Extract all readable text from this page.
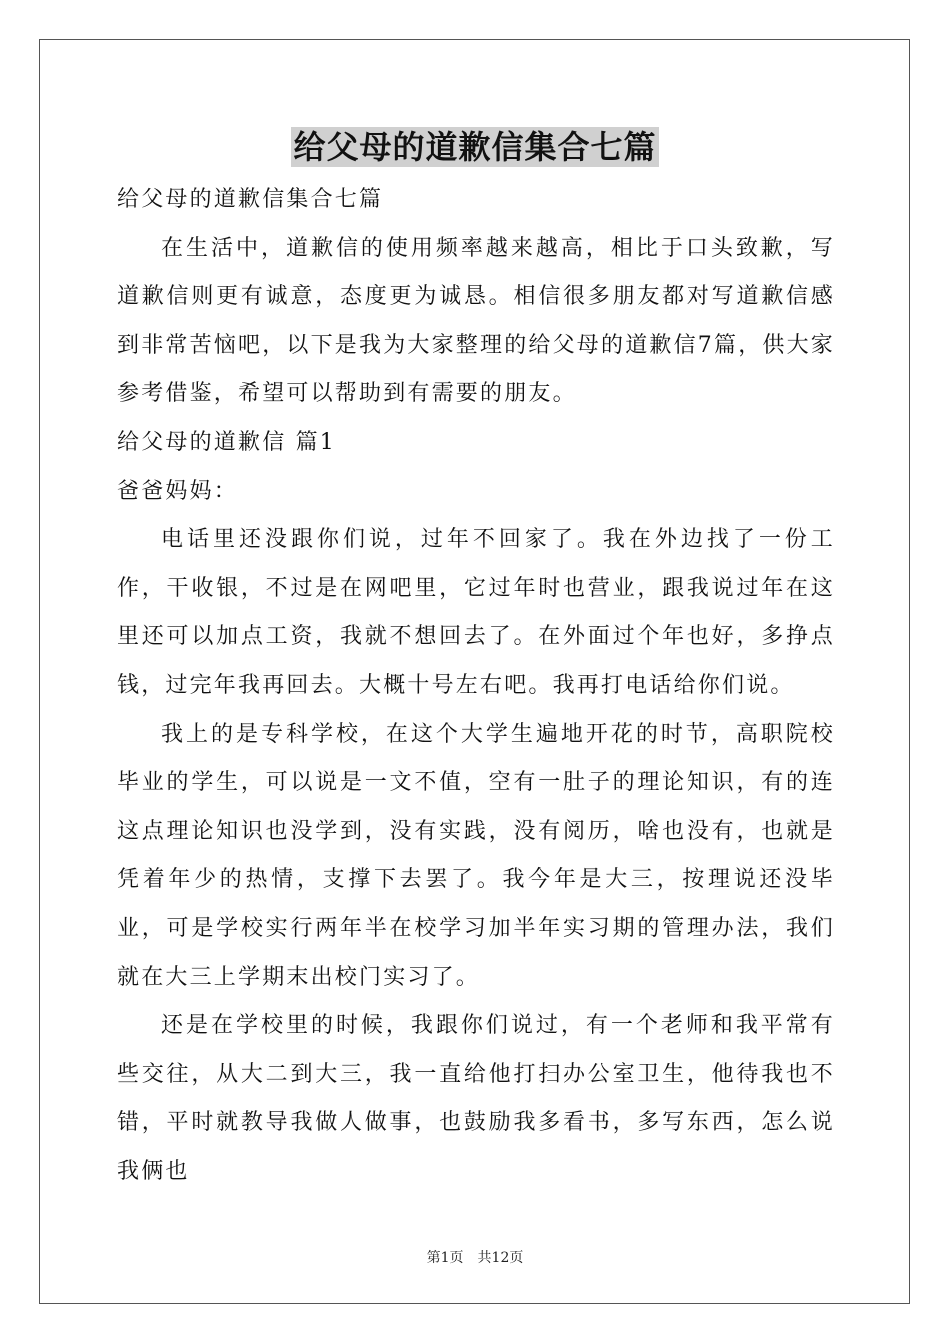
给父母的道歉信集合七篇

给父母的道歉信集合七篇

在生活中，道歉信的使用频率越来越高，相比于口头致歉，写道歉信则更有诚意，态度更为诚恳。相信很多朋友都对写道歉信感到非常苦恼吧，以下是我为大家整理的给父母的道歉信7篇，供大家参考借鉴，希望可以帮助到有需要的朋友。

给父母的道歉信 篇1

爸爸妈妈：

电话里还没跟你们说，过年不回家了。我在外边找了一份工作，干收银，不过是在网吧里，它过年时也营业，跟我说过年在这里还可以加点工资，我就不想回去了。在外面过个年也好，多挣点钱，过完年我再回去。大概十号左右吧。我再打电话给你们说。

我上的是专科学校，在这个大学生遍地开花的时节，高职院校毕业的学生，可以说是一文不值，空有一肚子的理论知识，有的连这点理论知识也没学到，没有实践，没有阅历，啥也没有，也就是凭着年少的热情，支撑下去罢了。我今年是大三，按理说还没毕业，可是学校实行两年半在校学习加半年实习期的管理办法，我们就在大三上学期末出校门实习了。

还是在学校里的时候，我跟你们说过，有一个老师和我平常有些交往，从大二到大三，我一直给他打扫办公室卫生，他待我也不错，平时就教导我做人做事，也鼓励我多看书，多写东西，怎么说我俩也

第1页 共12页
